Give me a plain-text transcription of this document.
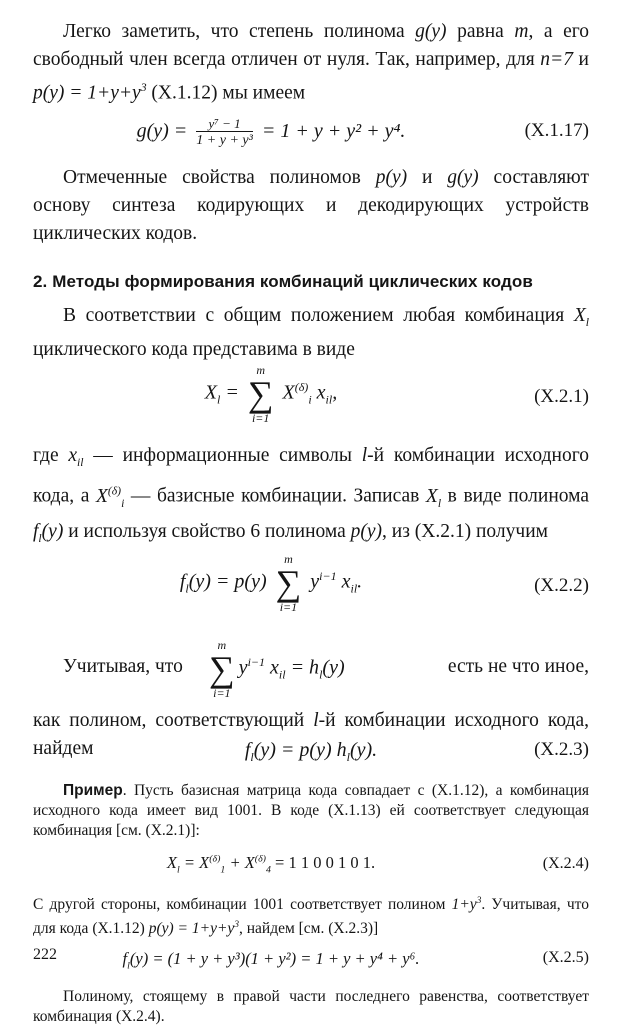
Легко заметить, что степень полинома g(y) равна m, а его свободный член всегда отличен от нуля. Так, например, для n=7 и $p(y) = 1+y+y^3$ (X.1.12) мы имеем

$g(y) = \frac{\text{y⁷ − 1}}{\text{1 + y + y³}} = 1 + y + y^2 + y^4$.	(X.1.17)

Отмеченные свойства полиномов p(y) и g(y) составляют основу синтеза кодирующих и декодирующих устройств циклических кодов.

2. Методы формирования комбинаций циклических кодов

В соответствии с общим положением любая комбинация $X_l$ циклического кода представима в виде

$X_l$ =
m
∑
i=1
$X^{(\delta)}_i$ $x_{il}$,	(X.2.1)

где $x_{il}$ — информационные символы l-й комбинации исходного кода, а $X^{(\delta)}_i$ — базисные комбинации. Записав $X_l$ в виде полинома $f_l(y)$ и используя свойство 6 полинома p(y), из (X.2.1) получим

$f_l(y) = p(y)$
m
∑
i=1
$y^{i-1}$ $x_{il}$.	(X.2.2)
Учитывая, что
m
∑
i=1
$y^{i-1}$ $x_{il} = h_l(y)$	есть не что иное,

как полином, соответствующий l-й комбинации исходного кода, найдем	$f_l(y) = p(y)$ $h_l(y)$.	(X.2.3)

Пример. Пусть базисная матрица кода совпадает с (X.1.12), а комбинация исходного кода имеет вид 1001. В коде (X.1.13) ей соответствует следующая комбинация [см. (X.2.1)]:

$X_l = X^{(\delta)}_1 + X^{(\delta)}_4 = 1$ 1 0 0 1 0 1.	(X.2.4)

С другой стороны, комбинации 1001 соответствует полином $1+y^3$. Учитывая, что для кода (X.1.12) $p(y) = 1+y+y^3$, найдем [см. (X.2.3)]

$f_l(y) = (1 + y + y^3)(1 + y^2) = 1 + y + y^4 + y^6$.	(X.2.5)

Полиному, стоящему в правой части последнего равенства, соответствует комбинация (X.2.4).

222
